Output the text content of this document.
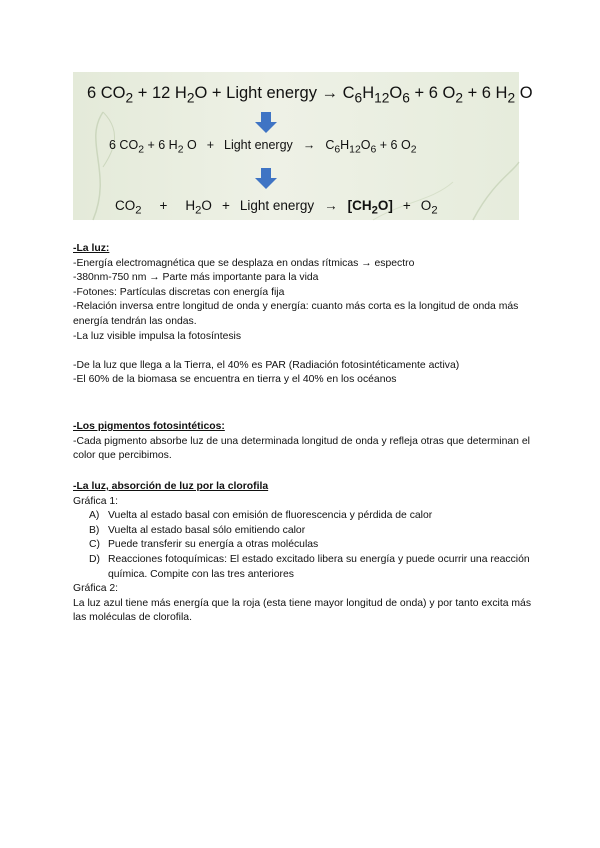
6 $CO_2 + 12$ $H_2O$ + Light energy → $C_6H_{12}O_6 + 6$ $O_2 + 6$ $H_2$ O
6 $CO_2 + 6$ $H_2$ O + Light energy → $C_6H_{12}O_6 + 6$ $O_2$
$CO_2 + H_2O$ + Light energy → $[CH_2O] + O_2$

-La luz:

-Energía electromagnética que se desplaza en ondas rítmicas → espectro

-380nm-750 nm → Parte más importante para la vida

-Fotones: Partículas discretas con energía fija

-Relación inversa entre longitud de onda y energía: cuanto más corta es la longitud de onda más energía tendrán las ondas.

-La luz visible impulsa la fotosíntesis

-De la luz que llega a la Tierra, el 40% es PAR (Radiación fotosintéticamente activa)

-El 60% de la biomasa se encuentra en tierra y el 40% en los océanos

-Los pigmentos fotosintéticos:

-Cada pigmento absorbe luz de una determinada longitud de onda y refleja otras que determinan el color que percibimos.

-La luz, absorción de luz por la clorofila

Gráfica 1:

A) Vuelta al estado basal con emisión de fluorescencia y pérdida de calor
B) Vuelta al estado basal sólo emitiendo calor
C) Puede transferir su energía a otras moléculas
D) Reacciones fotoquímicas: El estado excitado libera su energía y puede ocurrir una reacción química. Compite con las tres anteriores

Gráfica 2:

La luz azul tiene más energía que la roja (esta tiene mayor longitud de onda) y por tanto excita más las moléculas de clorofila.
